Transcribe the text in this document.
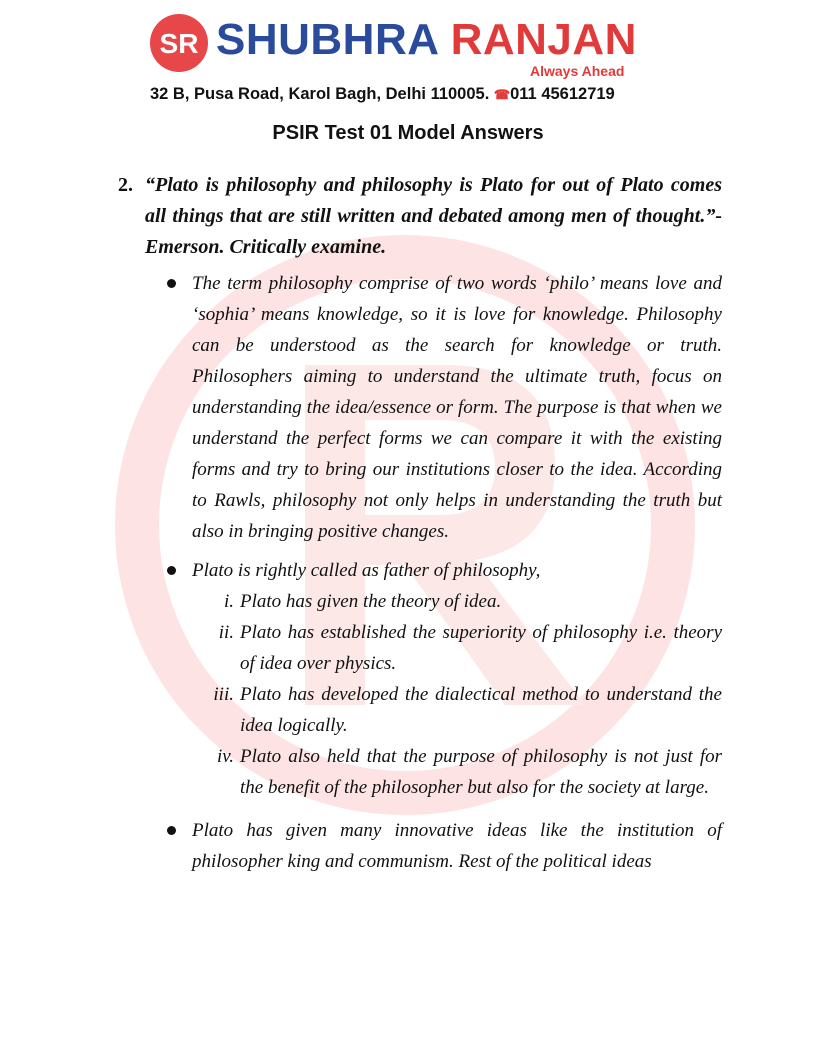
SR SHUBHRA RANJAN
Always Ahead
32 B, Pusa Road, Karol Bagh, Delhi 110005. ☎011 45612719
PSIR Test 01 Model Answers
2. “Plato is philosophy and philosophy is Plato for out of Plato comes all things that are still written and debated among men of thought.”- Emerson. Critically examine.
The term philosophy comprise of two words ‘philo’ means love and ‘sophia’ means knowledge, so it is love for knowledge. Philosophy can be understood as the search for knowledge or truth. Philosophers aiming to understand the ultimate truth, focus on understanding the idea/essence or form. The purpose is that when we understand the perfect forms we can compare it with the existing forms and try to bring our institutions closer to the idea. According to Rawls, philosophy not only helps in understanding the truth but also in bringing positive changes.
Plato is rightly called as father of philosophy,
i. Plato has given the theory of idea.
ii. Plato has established the superiority of philosophy i.e. theory of idea over physics.
iii. Plato has developed the dialectical method to understand the idea logically.
iv. Plato also held that the purpose of philosophy is not just for the benefit of the philosopher but also for the society at large.
Plato has given many innovative ideas like the institution of philosopher king and communism. Rest of the political ideas
